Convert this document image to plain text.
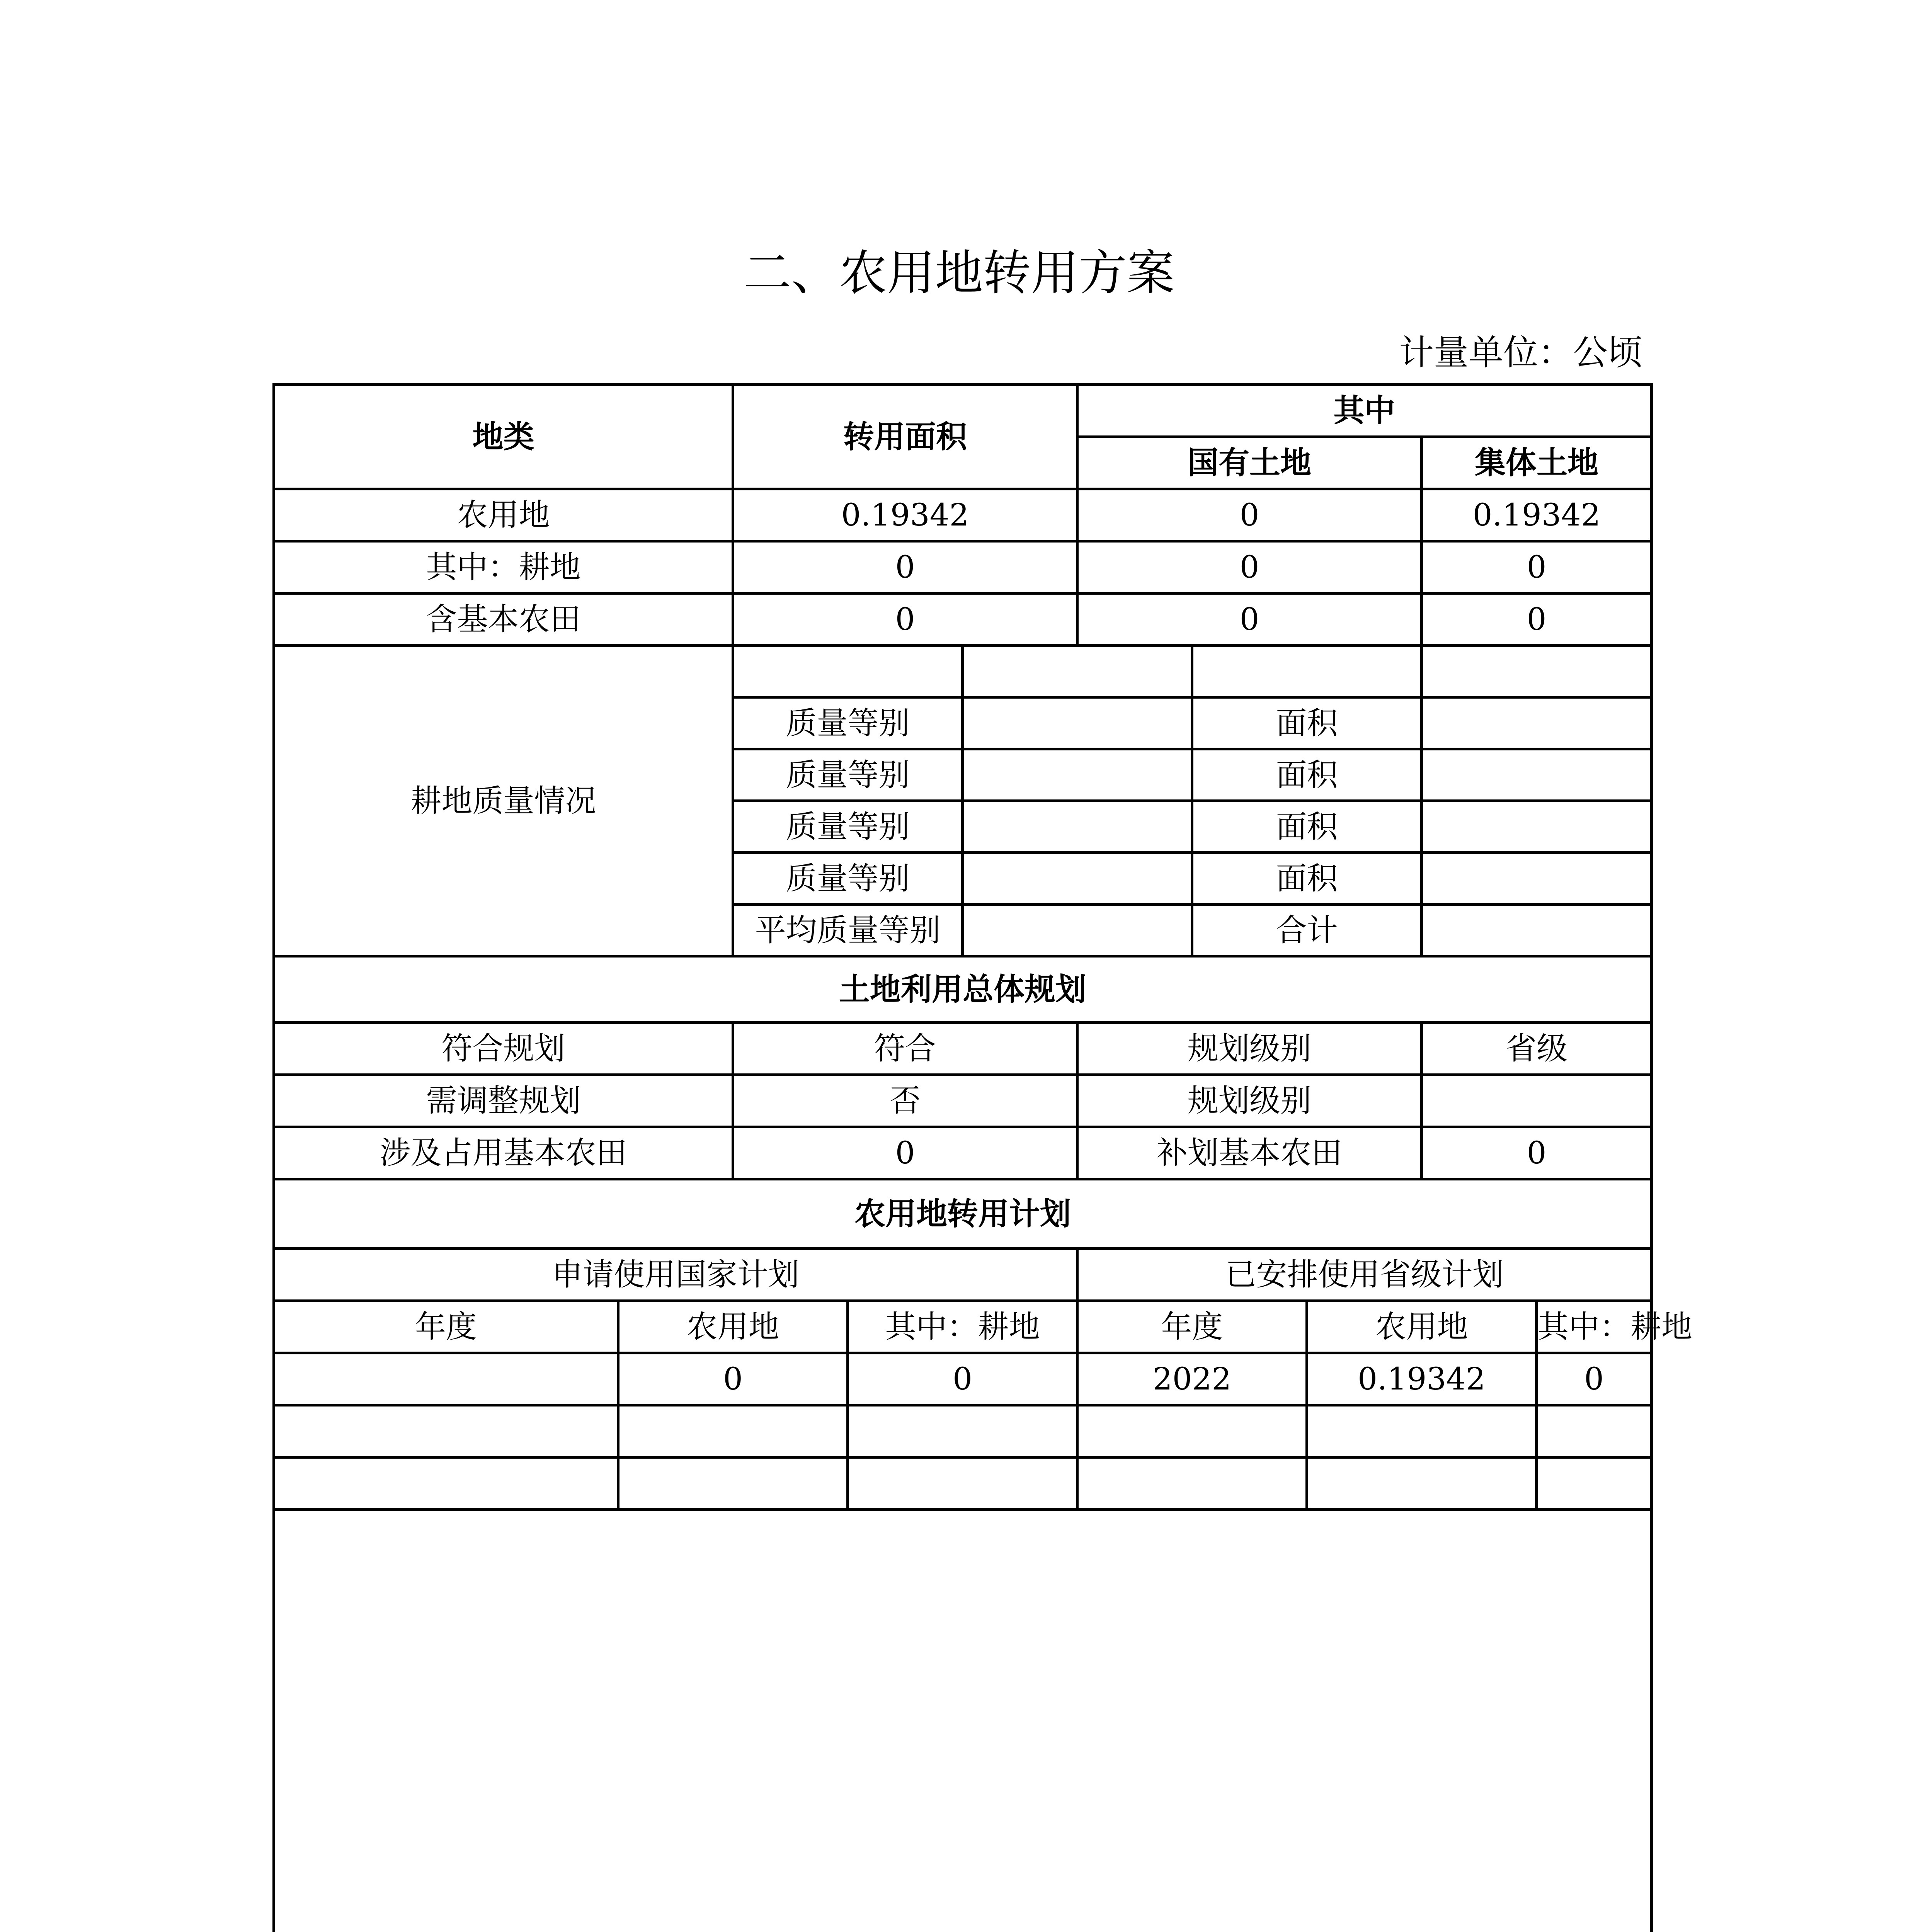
二、农用地转用方案
计量单位：公顷
地类		转用面积			其中				
					国有土地			集体土地	
农用地		0.19342			0			0.19342	
其中：耕地		0			0			0	
含基本农田		0			0			0	
耕地质量情况									
		质量等别				面积			
		质量等别				面积			
		质量等别				面积			
		质量等别				面积			
		平均质量等别				合计			
土地利用总体规划									
符合规划		符合			规划级别			省级	
需调整规划		否			规划级别				
涉及占用基本农田		0			补划基本农田			0	
农用地转用计划									
申请使用国家计划					已安排使用省级计划				
年度	农用地		其中：耕地		年度		农用地		其中：耕地
	0		0		2022		0.19342		0
